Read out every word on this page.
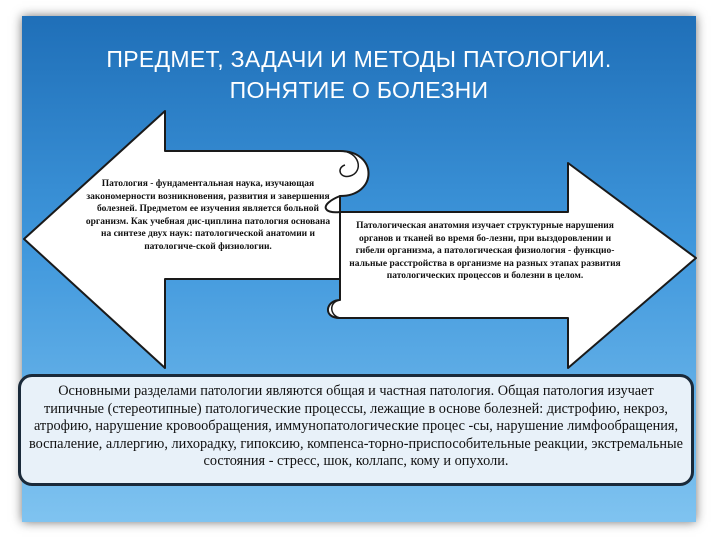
ПРЕДМЕТ, ЗАДАЧИ И МЕТОДЫ ПАТОЛОГИИ.
ПОНЯТИЕ О БОЛЕЗНИ
Патология - фундаментальная наука, изучающая закономерности возникновения, развития и завершения болезней. Предметом ее изучения является больной организм. Как учебная дис-циплина патология основана на синтезе двух наук: патологической анатомии и патологиче-ской физиологии.
Патологическая анатомия изучает структурные нарушения органов и тканей во время бо-лезни, при выздоровлении и гибели организма, а патологическая физиология - функцио-нальные расстройства в организме на разных этапах развития патологических процессов и болезни в целом.
Основными разделами патологии являются общая и частная патология. Общая патология изучает типичные (стереотипные) патологические процессы, лежащие в основе болезней: дистрофию, некроз, атрофию, нарушение кровообращения, иммунопатологические процес -сы, нарушение лимфообращения, воспаление, аллергию, лихорадку, гипоксию, компенса-торно-приспособительные реакции, экстремальные состояния - стресс, шок, коллапс, кому и опухоли.
